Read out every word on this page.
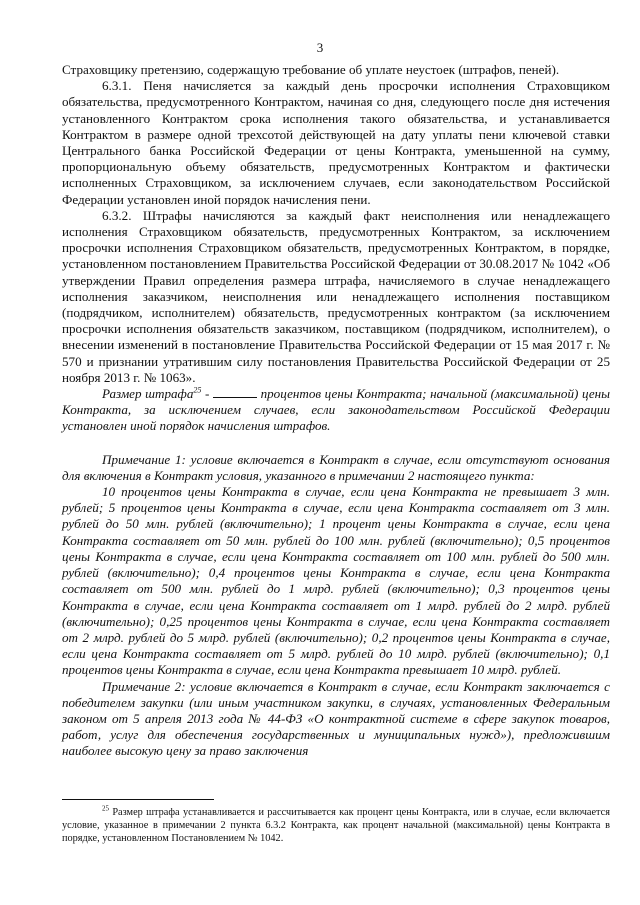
3

Страховщику претензию, содержащую требование об уплате неустоек (штрафов, пеней).

6.3.1. Пеня начисляется за каждый день просрочки исполнения Страховщиком обязательства, предусмотренного Контрактом, начиная со дня, следующего после дня истечения установленного Контрактом срока исполнения такого обязательства, и устанавливается Контрактом в размере одной трехсотой действующей на дату уплаты пени ключевой ставки Центрального банка Российской Федерации от цены Контракта, уменьшенной на сумму, пропорциональную объему обязательств, предусмотренных Контрактом и фактически исполненных Страховщиком, за исключением случаев, если законодательством Российской Федерации установлен иной порядок начисления пени.

6.3.2. Штрафы начисляются за каждый факт неисполнения или ненадлежащего исполнения Страховщиком обязательств, предусмотренных Контрактом, за исключением просрочки исполнения Страховщиком обязательств, предусмотренных Контрактом, в порядке, установленном постановлением Правительства Российской Федерации от 30.08.2017 № 1042 «Об утверждении Правил определения размера штрафа, начисляемого в случае ненадлежащего исполнения заказчиком, неисполнения или ненадлежащего исполнения поставщиком (подрядчиком, исполнителем) обязательств, предусмотренных контрактом (за исключением просрочки исполнения обязательств заказчиком, поставщиком (подрядчиком, исполнителем), о внесении изменений в постановление Правительства Российской Федерации от 15 мая 2017 г. № 570 и признании утратившим силу постановления Правительства Российской Федерации от 25 ноября 2013 г. № 1063».

Размер штрафа$^{25}$ -	процентов цены Контракта; начальной (максимальной) цены Контракта, за исключением случаев, если законодательством Российской Федерации установлен иной порядок начисления штрафов.

Примечание 1: условие включается в Контракт в случае, если отсутствуют основания для включения в Контракт условия, указанного в примечании 2 настоящего пункта:

10 процентов цены Контракта в случае, если цена Контракта не превышает 3 млн. рублей; 5 процентов цены Контракта в случае, если цена Контракта составляет от 3 млн. рублей до 50 млн. рублей (включительно); 1 процент цены Контракта в случае, если цена Контракта составляет от 50 млн. рублей до 100 млн. рублей (включительно); 0,5 процентов цены Контракта в случае, если цена Контракта составляет от 100 млн. рублей до 500 млн. рублей (включительно); 0,4 процентов цены Контракта в случае, если цена Контракта составляет от 500 млн. рублей до 1 млрд. рублей (включительно); 0,3 процентов цены Контракта в случае, если цена Контракта составляет от 1 млрд. рублей до 2 млрд. рублей (включительно); 0,25 процентов цены Контракта в случае, если цена Контракта составляет от 2 млрд. рублей до 5 млрд. рублей (включительно); 0,2 процентов цены Контракта в случае, если цена Контракта составляет от 5 млрд. рублей до 10 млрд. рублей (включительно); 0,1 процентов цены Контракта в случае, если цена Контракта превышает 10 млрд. рублей.

Примечание 2: условие включается в Контракт в случае, если Контракт заключается с победителем закупки (или иным участником закупки, в случаях, установленных Федеральным законом от 5 апреля 2013 года № 44-ФЗ «О контрактной системе в сфере закупок товаров, работ, услуг для обеспечения государственных и муниципальных нужд»), предложившим наиболее высокую цену за право заключения

$^{25}$ Размер штрафа устанавливается и рассчитывается как процент цены Контракта, или в случае, если включается условие, указанное в примечании 2 пункта 6.3.2 Контракта, как процент начальной (максимальной) цены Контракта в порядке, установленном Постановлением № 1042.
